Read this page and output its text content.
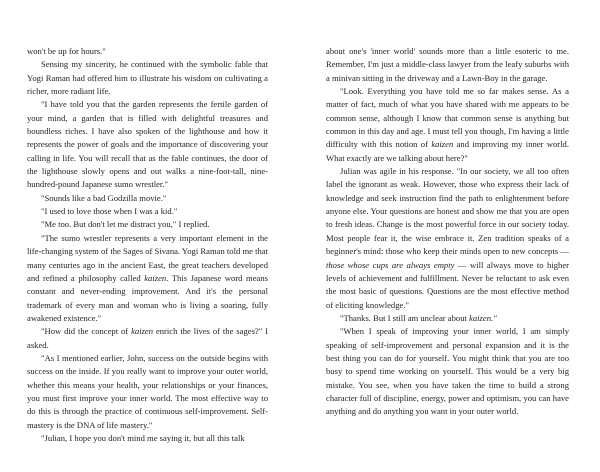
won't be up for hours."

Sensing my sincerity, he continued with the symbolic fable that Yogi Raman had offered him to illustrate his wisdom on cultivating a richer, more radiant life.

"I have told you that the garden represents the fertile garden of your mind, a garden that is filled with delightful treasures and boundless riches. I have also spoken of the lighthouse and how it represents the power of goals and the importance of discovering your calling in life. You will recall that as the fable continues, the door of the lighthouse slowly opens and out walks a nine-foot-tall, nine-hundred-pound Japanese sumo wrestler."

"Sounds like a bad Godzilla movie."

"I used to love those when I was a kid."

"Me too. But don't let me distract you," I replied.

"The sumo wrestler represents a very important element in the life-changing system of the Sages of Sivana. Yogi Raman told me that many centuries ago in the ancient East, the great teachers developed and refined a philosophy called kaizen. This Japanese word means constant and never-ending improvement. And it's the personal trademark of every man and woman who is living a soaring, fully awakened existence."

"How did the concept of kaizen enrich the lives of the sages?" I asked.

"As I mentioned earlier, John, success on the outside begins with success on the inside. If you really want to improve your outer world, whether this means your health, your relationships or your finances, you must first improve your inner world. The most effective way to do this is through the practice of continuous self-improvement. Self-mastery is the DNA of life mastery."

"Julian, I hope you don't mind me saying it, but all this talk

about one's 'inner world' sounds more than a little esoteric to me. Remember, I'm just a middle-class lawyer from the leafy suburbs with a minivan sitting in the driveway and a Lawn-Boy in the garage.

"Look. Everything you have told me so far makes sense. As a matter of fact, much of what you have shared with me appears to be common sense, although I know that common sense is anything but common in this day and age. I must tell you though, I'm having a little difficulty with this notion of kaizen and improving my inner world. What exactly are we talking about here?"

Julian was agile in his response. "In our society, we all too often label the ignorant as weak. However, those who express their lack of knowledge and seek instruction find the path to enlightenment before anyone else. Your questions are honest and show me that you are open to fresh ideas. Change is the most powerful force in our society today. Most people fear it, the wise embrace it. Zen tradition speaks of a beginner's mind: those who keep their minds open to new concepts — those whose cups are always empty — will always move to higher levels of achievement and fulfillment. Never be reluctant to ask even the most basic of questions. Questions are the most effective method of eliciting knowledge."

"Thanks. But I still am unclear about kaizen."

"When I speak of improving your inner world, I am simply speaking of self-improvement and personal expansion and it is the best thing you can do for yourself. You might think that you are too busy to spend time working on yourself. This would be a very big mistake. You see, when you have taken the time to build a strong character full of discipline, energy, power and optimism, you can have anything and do anything you want in your outer world.
